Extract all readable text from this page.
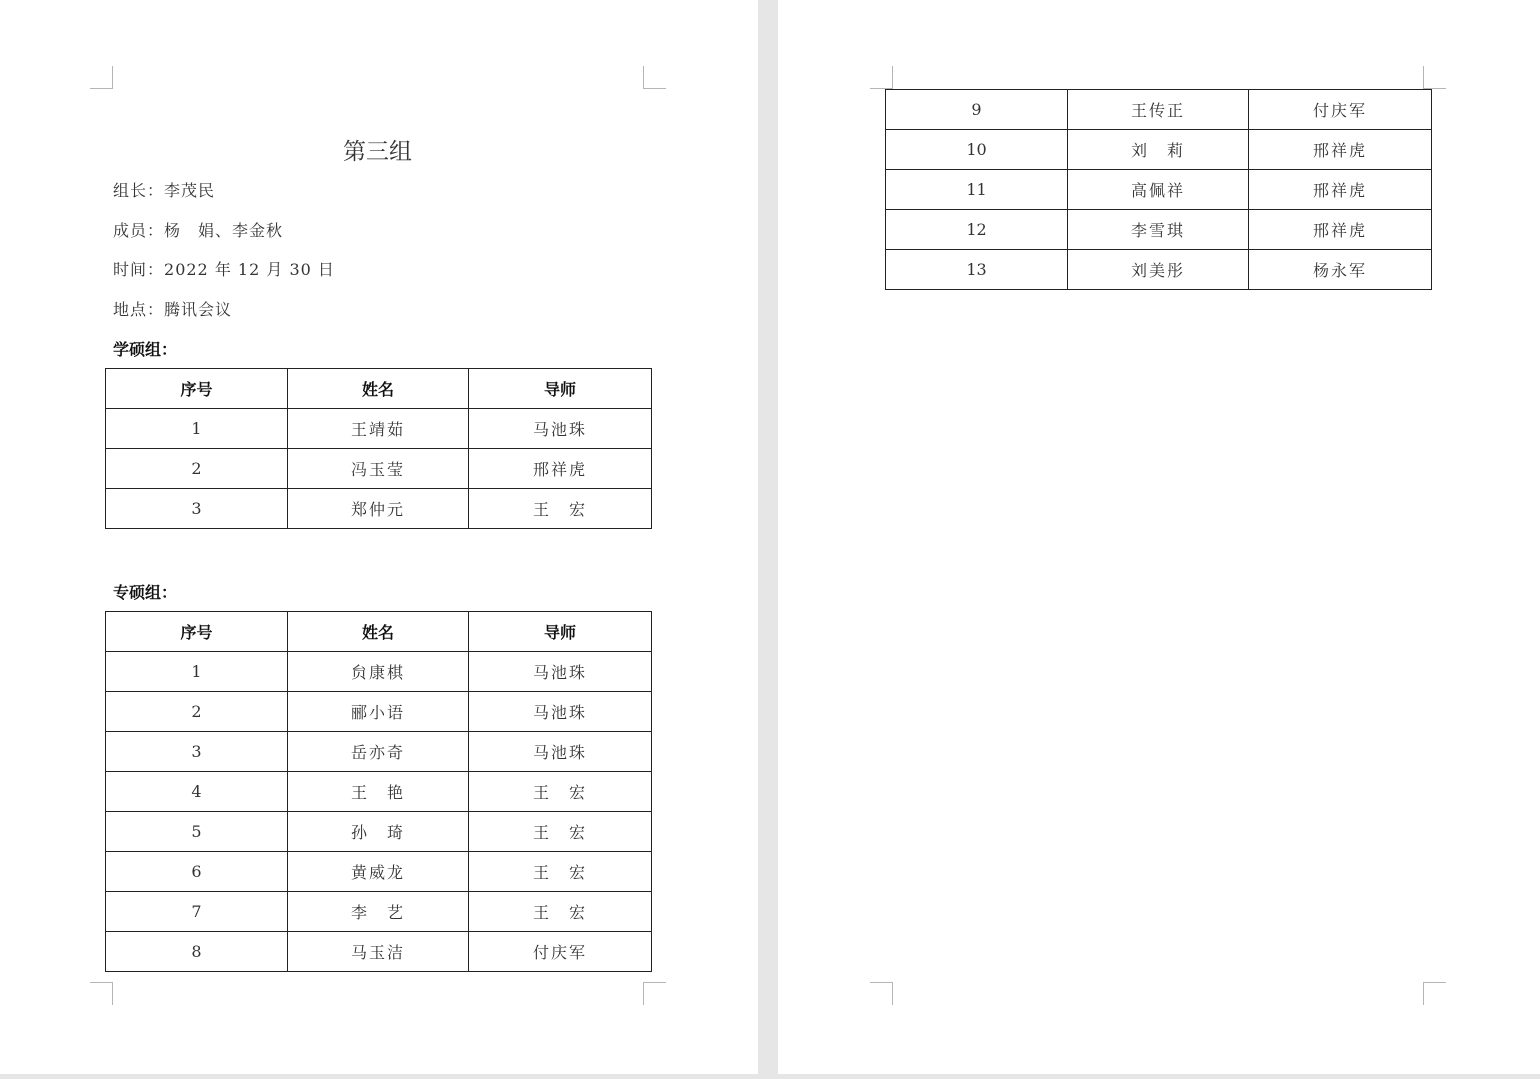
第三组

组长：李茂民

成员：杨　娟、李金秋

时间：2022 年 12 月 30 日

地点：腾讯会议

学硕组：

序号	姓名	导师
1	王靖茹	马池珠
2	冯玉莹	邢祥虎
3	郑仲元	王　宏

专硕组：

序号	姓名	导师
1	贠康棋	马池珠
2	郦小语	马池珠
3	岳亦奇	马池珠
4	王　艳	王　宏
5	孙　琦	王　宏
6	黄威龙	王　宏
7	李　艺	王　宏
8	马玉洁	付庆军
9	王传正	付庆军
10	刘　莉	邢祥虎
11	高佩祥	邢祥虎
12	李雪琪	邢祥虎
13	刘美彤	杨永军
